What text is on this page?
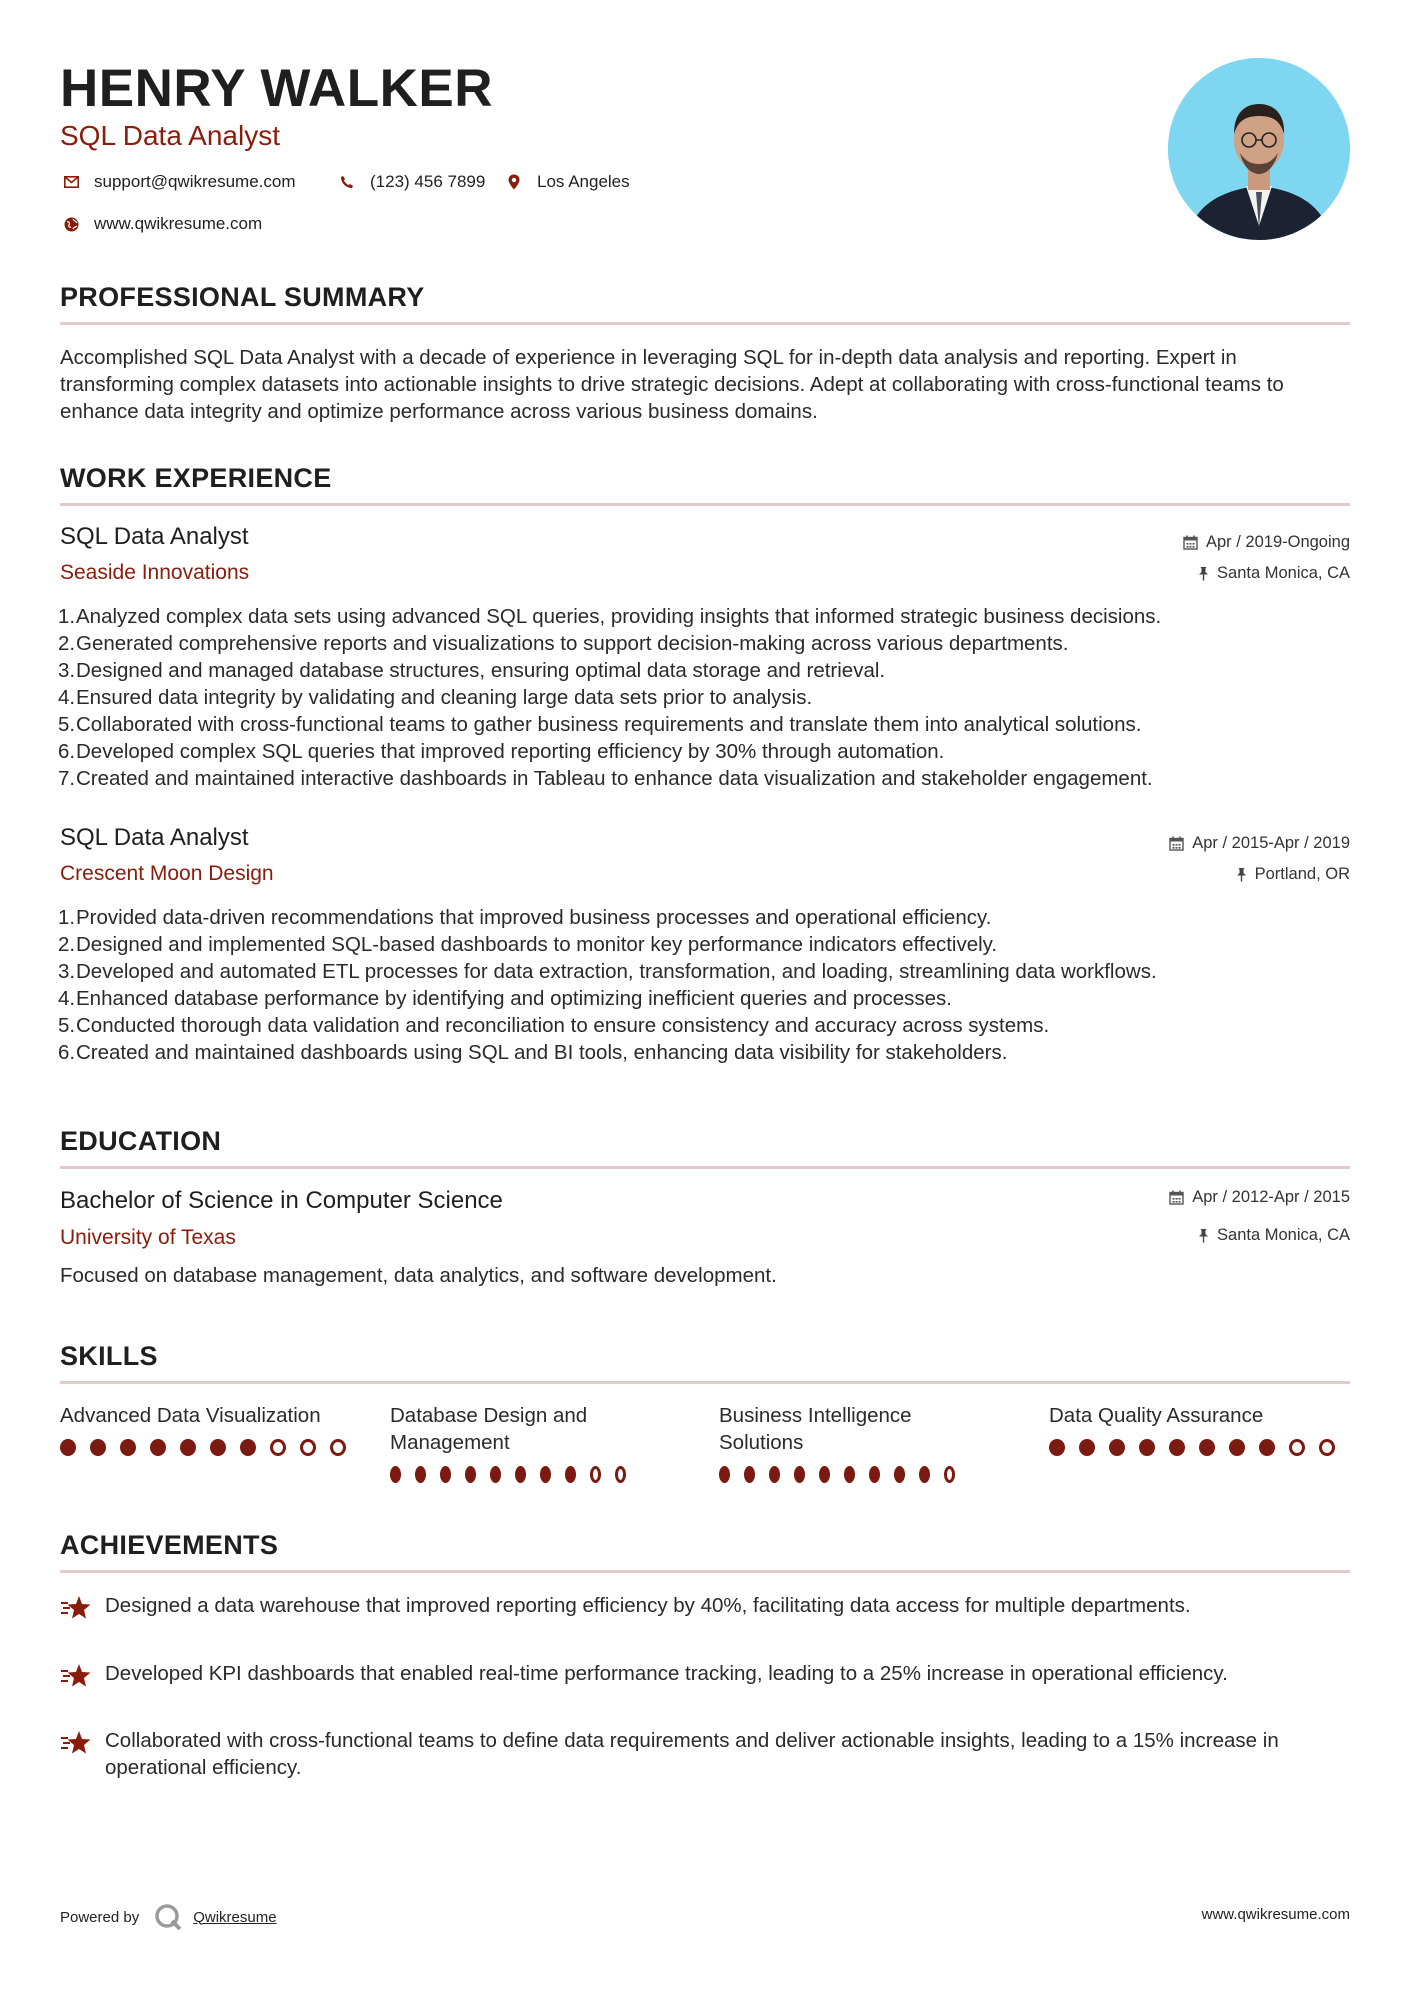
HENRY WALKER
SQL Data Analyst
support@qwikresume.com	(123) 456 7899	Los Angeles
www.qwikresume.com
PROFESSIONAL SUMMARY
Accomplished SQL Data Analyst with a decade of experience in leveraging SQL for in-depth data analysis and reporting. Expert in transforming complex datasets into actionable insights to drive strategic decisions. Adept at collaborating with cross-functional teams to enhance data integrity and optimize performance across various business domains.
WORK EXPERIENCE
SQL Data Analyst
Seaside Innovations
Apr / 2019-Ongoing
Santa Monica, CA
1. Analyzed complex data sets using advanced SQL queries, providing insights that informed strategic business decisions.
2. Generated comprehensive reports and visualizations to support decision-making across various departments.
3. Designed and managed database structures, ensuring optimal data storage and retrieval.
4. Ensured data integrity by validating and cleaning large data sets prior to analysis.
5. Collaborated with cross-functional teams to gather business requirements and translate them into analytical solutions.
6. Developed complex SQL queries that improved reporting efficiency by 30% through automation.
7. Created and maintained interactive dashboards in Tableau to enhance data visualization and stakeholder engagement.
SQL Data Analyst
Crescent Moon Design
Apr / 2015-Apr / 2019
Portland, OR
1. Provided data-driven recommendations that improved business processes and operational efficiency.
2. Designed and implemented SQL-based dashboards to monitor key performance indicators effectively.
3. Developed and automated ETL processes for data extraction, transformation, and loading, streamlining data workflows.
4. Enhanced database performance by identifying and optimizing inefficient queries and processes.
5. Conducted thorough data validation and reconciliation to ensure consistency and accuracy across systems.
6. Created and maintained dashboards using SQL and BI tools, enhancing data visibility for stakeholders.
EDUCATION
Bachelor of Science in Computer Science
University of Texas
Apr / 2012-Apr / 2015
Santa Monica, CA
Focused on database management, data analytics, and software development.
SKILLS
Advanced Data Visualization	Database Design and Management
Business Intelligence Solutions
Data Quality Assurance
ACHIEVEMENTS
Designed a data warehouse that improved reporting efficiency by 40%, facilitating data access for multiple departments.
Developed KPI dashboards that enabled real-time performance tracking, leading to a 25% increase in operational efficiency.
Collaborated with cross-functional teams to define data requirements and deliver actionable insights, leading to a 15% increase in operational efficiency.
Powered by	Qwikresume	www.qwikresume.com
